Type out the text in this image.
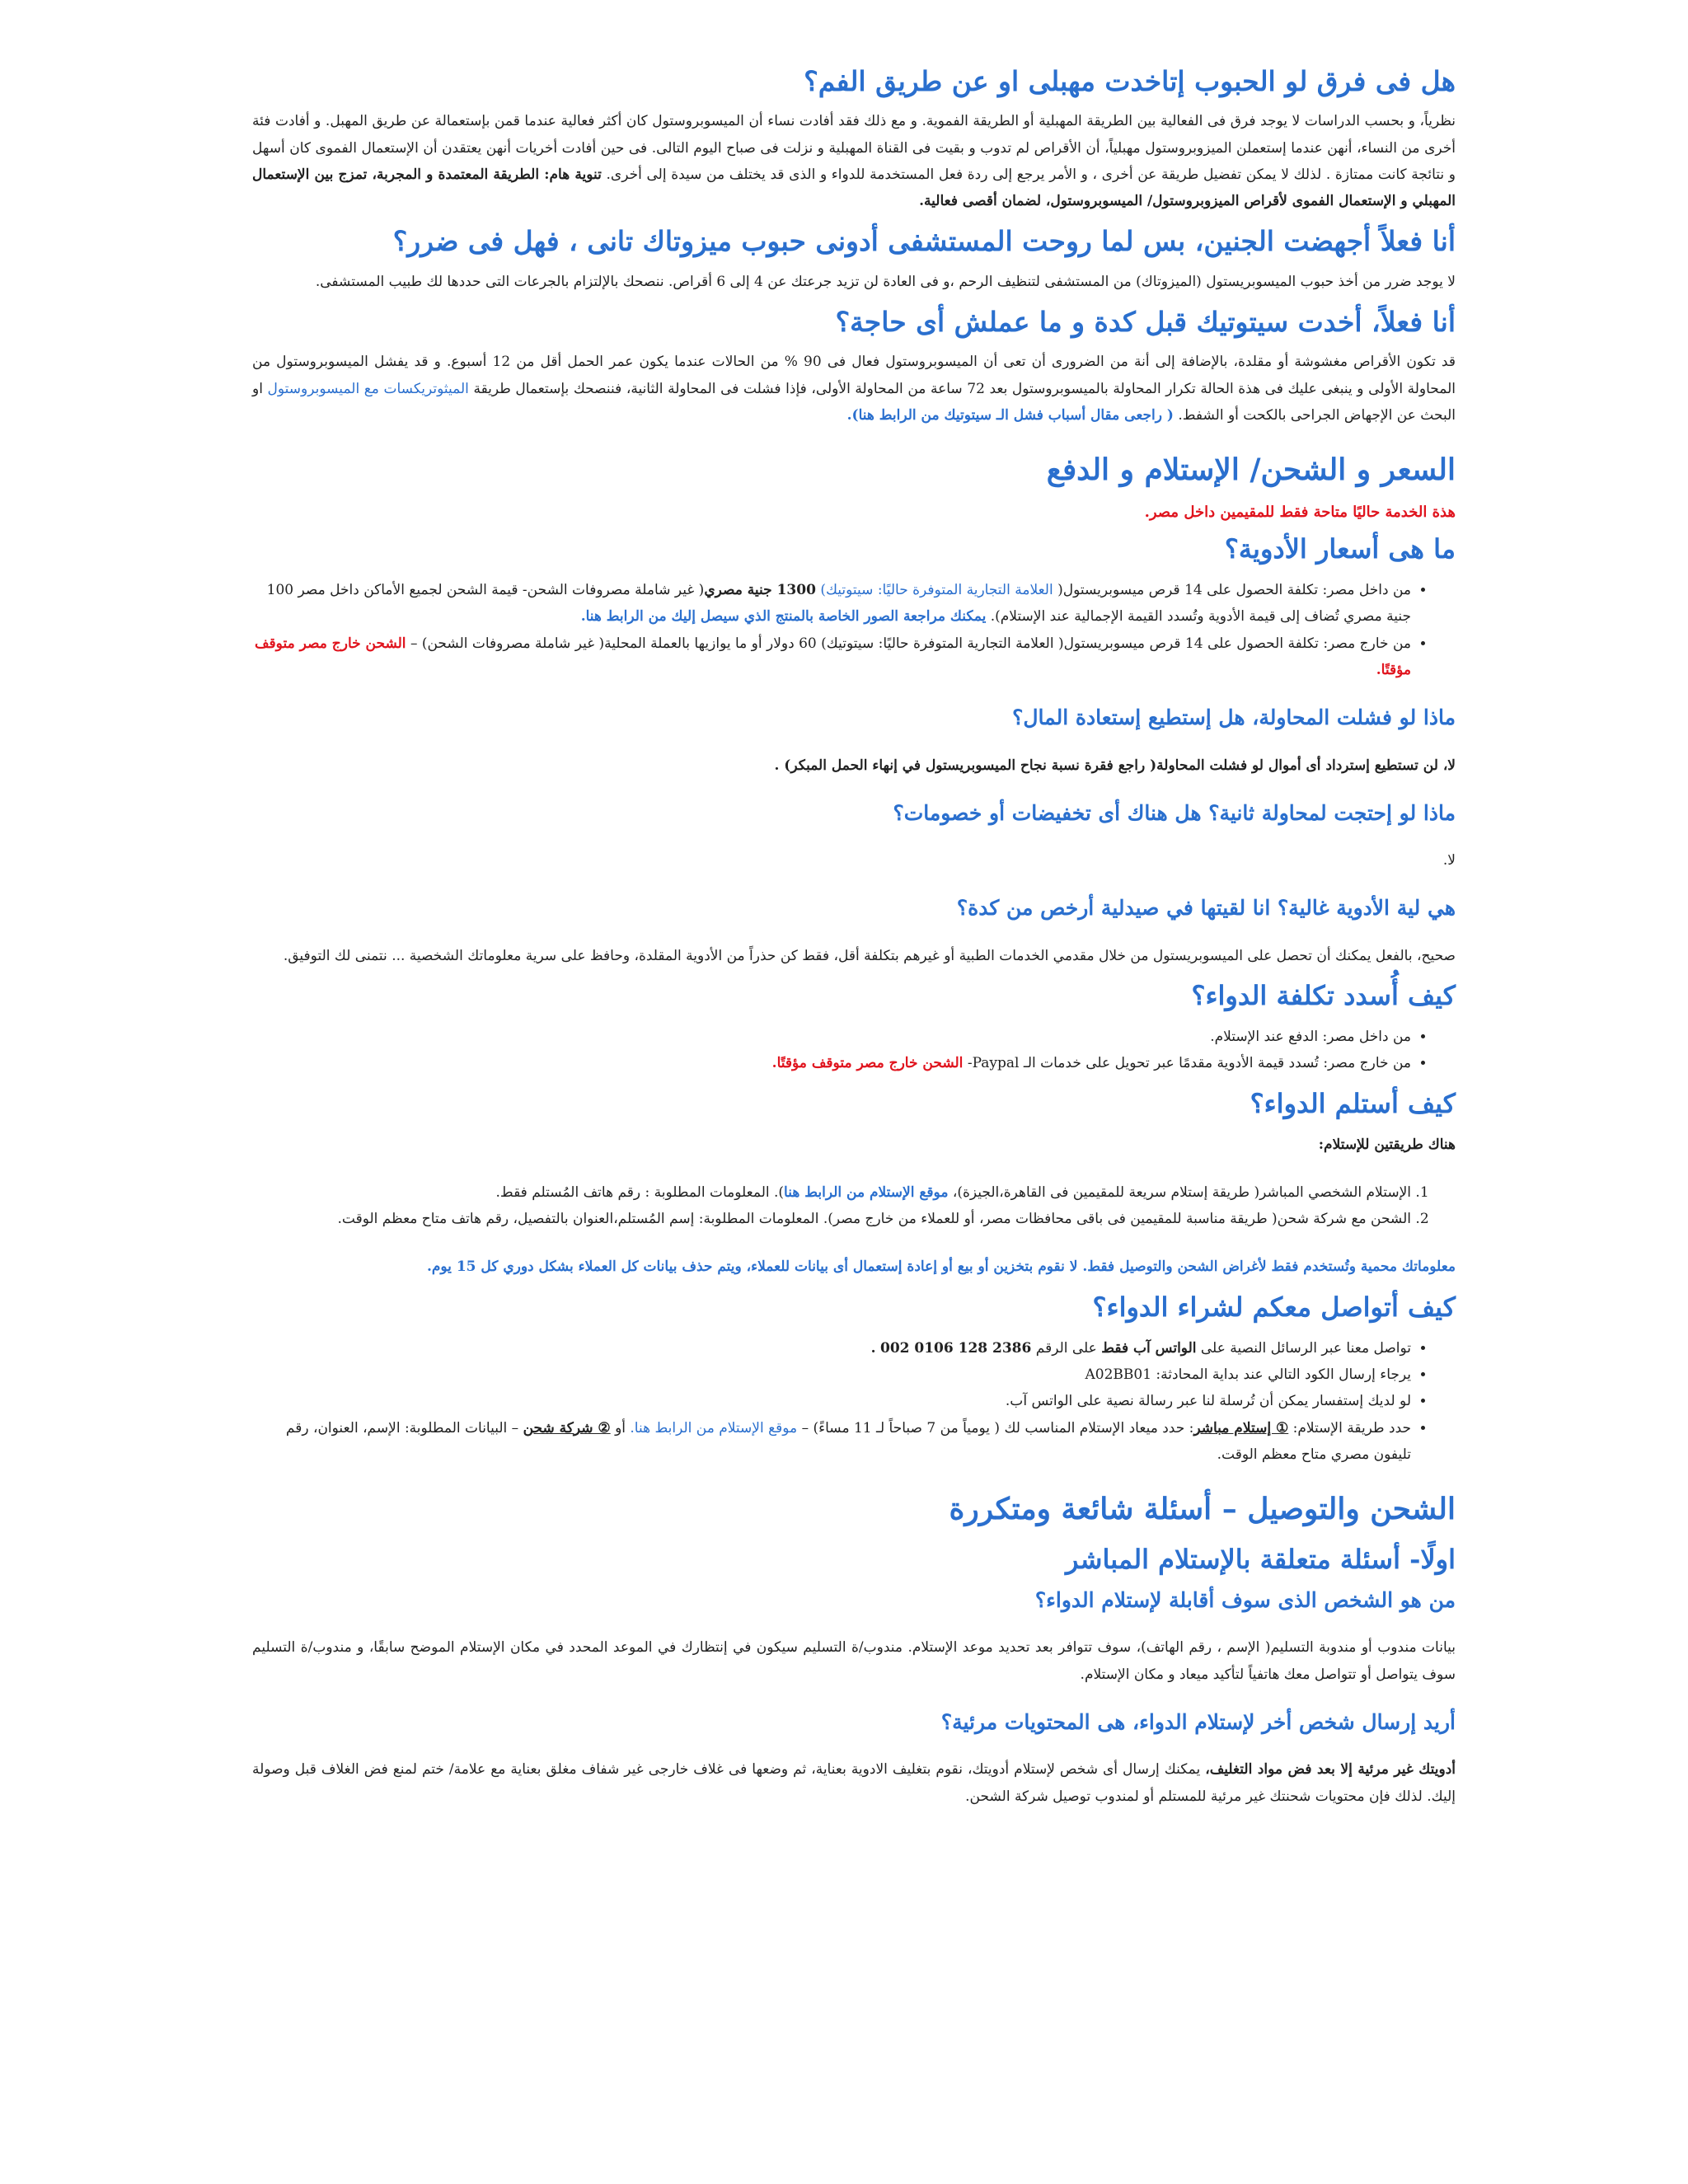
هل فى فرق لو الحبوب إتاخدت مهبلى او عن طريق الفم؟

نظرياً، و بحسب الدراسات لا يوجد فرق فى الفعالية بين الطريقة المهبلية أو الطريقة الفموية. و مع ذلك فقد أفادت نساء أن الميسوبروستول كان أكثر فعالية عندما قمن بإستعمالة عن طريق المهبل. و أفادت فئة أخرى من النساء، أنهن عندما إستعملن الميزوبروستول مهبلياً، أن الأقراص لم تدوب و بقيت فى القناة المهبلية و نزلت فى صباح اليوم التالى. فى حين أفادت أخريات أنهن يعتقدن أن الإستعمال الفموى كان أسهل و نتائجة كانت ممتازة . لذلك لا يمكن تفضيل طريقة عن أخرى ، و الأمر يرجع إلى ردة فعل المستخدمة للدواء و الذى قد يختلف من سيدة إلى أخرى. تنوية هام: الطريقة المعتمدة و المجربة، تمزج بين الإستعمال المهبلي و الإستعمال الفموى لأقراص الميزوبروستول/ الميسوبروستول، لضمان أقصى فعالية.

أنا فعلاً أجهضت الجنين، بس لما روحت المستشفى أدونى حبوب ميزوتاك تانى ، فهل فى ضرر؟

لا يوجد ضرر من أخذ حبوب الميسوبريستول (الميزوتاك) من المستشفى لتنظيف الرحم ،و فى العادة لن تزيد جرعتك عن 4 إلى 6 أقراص. ننصحك بالإلتزام بالجرعات التى حددها لك طبيب المستشفى.

أنا فعلاً، أخدت سيتوتيك قبل كدة و ما عملش أى حاجة؟

قد تكون الأقراص مغشوشة أو مقلدة، بالإضافة إلى أنة من الضرورى أن تعى أن الميسوبروستول فعال فى 90 % من الحالات عندما يكون عمر الحمل أقل من 12 أسبوع. و قد يفشل الميسوبروستول من المحاولة الأولى و ينبغى عليك فى هذة الحالة تكرار المحاولة بالميسوبروستول بعد 72 ساعة من المحاولة الأولى، فإذا فشلت فى المحاولة الثانية، فننصحك بإستعمال طريقة الميثوتريكسات مع الميسوبروستول او البحث عن الإجهاض الجراحى بالكحت أو الشفط. ( راجعى مقال أسباب فشل الـ سيتوتيك من الرابط هنا).

السعر و الشحن/ الإستلام و الدفع
هذة الخدمة حاليًا متاحة فقط للمقيمين داخل مصر.
ما هى أسعار الأدوية؟
• من داخل مصر: تكلفة الحصول على 14 قرص ميسوبريستول( العلامة التجارية المتوفرة حاليًا: سيتوتيك) 1300 جنية مصري( غير شاملة مصروفات الشحن- قيمة الشحن لجميع الأماكن داخل مصر 100 جنية مصري تُضاف إلى قيمة الأدوية وتُسدد القيمة الإجمالية عند الإستلام). يمكنك مراجعة الصور الخاصة بالمنتج الذي سيصل إليك من الرابط هنا.
• من خارج مصر: تكلفة الحصول على 14 قرص ميسوبريستول( العلامة التجارية المتوفرة حاليًا: سيتوتيك) 60 دولار أو ما يوازيها بالعملة المحلية( غير شاملة مصروفات الشحن) – الشحن خارج مصر متوقف مؤقتًا.
ماذا لو فشلت المحاولة، هل إستطيع إستعادة المال؟

لا، لن تستطيع إسترداد أى أموال لو فشلت المحاولة( راجع فقرة نسبة نجاح الميسوبريستول في إنهاء الحمل المبكر) .

ماذا لو إحتجت لمحاولة ثانية؟ هل هناك أى تخفيضات أو خصومات؟

لا.

هي لية الأدوية غالية؟ انا لقيتها في صيدلية أرخص من كدة؟

صحيح، بالفعل يمكنك أن تحصل على الميسوبريستول من خلال مقدمي الخدمات الطبية أو غيرهم بتكلفة أقل، فقط كن حذراً من الأدوية المقلدة، وحافظ على سرية معلوماتك الشخصية ... نتمنى لك التوفيق.

كيف أُسدد تكلفة الدواء؟
• من داخل مصر: الدفع عند الإستلام.
• من خارج مصر: تُسدد قيمة الأدوية مقدمًا عبر تحويل على خدمات الـ Paypal- الشحن خارج مصر متوقف مؤقتًا.
كيف أستلم الدواء؟

هناك طريقتين للإستلام:

1. الإستلام الشخصي المباشر( طريقة إستلام سريعة للمقيمين فى القاهرة،الجيزة)، موقع الإستلام من الرابط هنا). المعلومات المطلوبة : رقم هاتف المُستلم فقط.
2. الشحن مع شركة شحن( طريقة مناسبة للمقيمين فى باقى محافظات مصر، أو للعملاء من خارج مصر). المعلومات المطلوبة: إسم المُستلم،العنوان بالتفصيل، رقم هاتف متاح معظم الوقت.

معلوماتك محمية وتُستخدم فقط لأغراض الشحن والتوصيل فقط. لا نقوم بتخزين أو بيع أو إعادة إستعمال أى بيانات للعملاء، ويتم حذف بيانات كل العملاء بشكل دوري كل 15 يوم.

كيف أتواصل معكم لشراء الدواء؟
• تواصل معنا عبر الرسائل النصية على الواتس آب فقط على الرقم 002 0106 128 2386 .
• يرجاء إرسال الكود التالي عند بداية المحادثة: A02BB01
• لو لديك إستفسار يمكن أن تُرسلة لنا عبر رسالة نصية على الواتس آب.
• حدد طريقة الإستلام: ① إستلام مباشر: حدد ميعاد الإستلام المناسب لك ( يومياً من 7 صباحاً لـ 11 مساءً) – موقع الإستلام من الرابط هنا. أو ② شركة شحن – البيانات المطلوبة: الإسم، العنوان، رقم تليفون مصري متاح معظم الوقت.
الشحن والتوصيل – أسئلة شائعة ومتكررة
اولًا- أسئلة متعلقة بالإستلام المباشر
من هو الشخص الذى سوف أقابلة لإستلام الدواء؟

بيانات مندوب أو مندوبة التسليم( الإسم ، رقم الهاتف)، سوف تتوافر بعد تحديد موعد الإستلام. مندوب/ة التسليم سيكون في إنتظارك في الموعد المحدد في مكان الإستلام الموضح سابقًا، و مندوب/ة التسليم سوف يتواصل أو تتواصل معك هاتفياً لتأكيد ميعاد و مكان الإستلام.

أريد إرسال شخص أخر لإستلام الدواء، هى المحتويات مرئية؟

أدويتك غير مرئية إلا بعد فض مواد التغليف، يمكنك إرسال أى شخص لإستلام أدويتك، نقوم بتغليف الادوية بعناية، ثم وضعها فى غلاف خارجى غير شفاف مغلق بعناية مع علامة/ ختم لمنع فض الغلاف قبل وصولة إليك. لذلك فإن محتويات شحنتك غير مرئية للمستلم أو لمندوب توصيل شركة الشحن.
